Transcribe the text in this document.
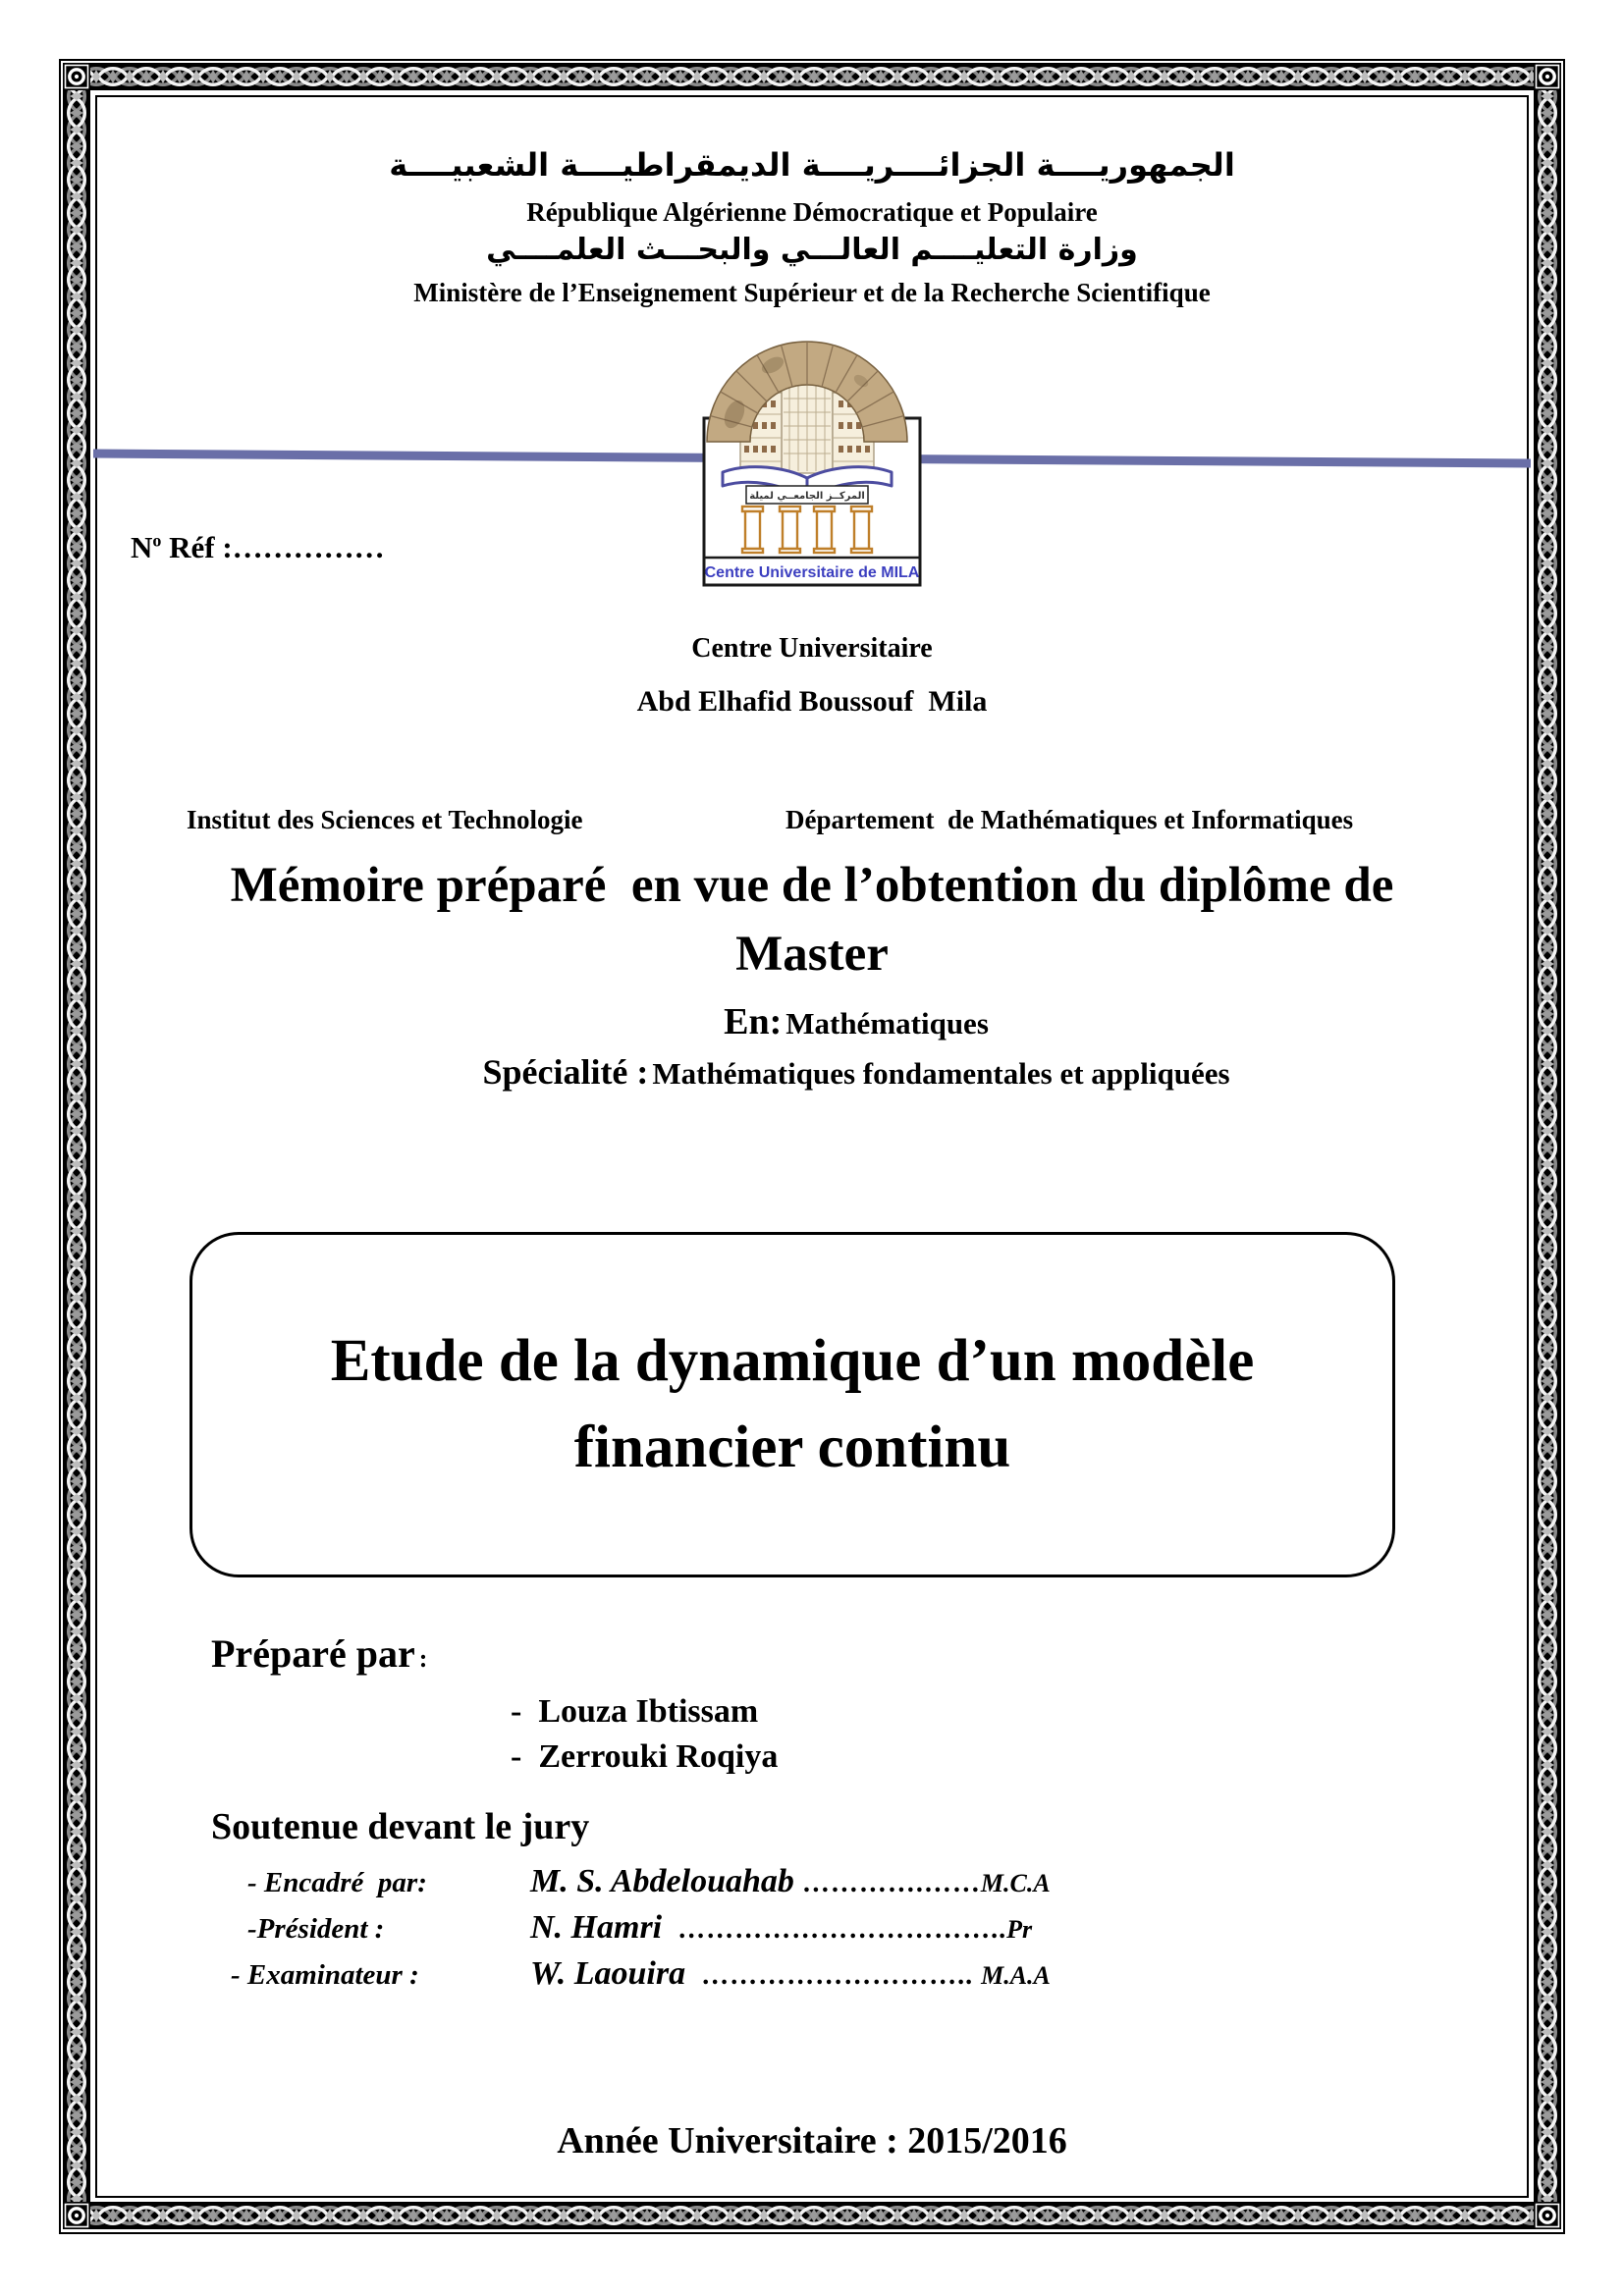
الجمهوريــــة الجزائــــريــــة الديمقراطيــــة الشعبيــــة
République Algérienne Démocratique et Populaire
وزارة التعليــــم العالـــي والبحـــث العلمــــي
Ministère de l’Enseignement Supérieur et de la Recherche Scientifique
المركــز الجامعــي لميلة
Centre Universitaire de MILA
$N^o$ Réf :……………
Centre Universitaire
Abd Elhafid Boussouf  Mila
Institut des Sciences et Technologie	Département  de Mathématiques et Informatiques
Mémoire préparé  en vue de l’obtention du diplôme de
Master
En: Mathématiques
Spécialité : Mathématiques fondamentales et appliquées
Etude de la dynamique d’un modèle
financier continu
Préparé par :
- Louza Ibtissam
- Zerrouki Roqiya
Soutenue devant le jury
- Encadré  par:	M. S. Abdelouahab ………….…… M.C.A
-Président :	N. Hamri …………………………….. Pr
- Examinateur :	W. Laouira ……………………….. M.A.A
Année Universitaire : 2015/2016
